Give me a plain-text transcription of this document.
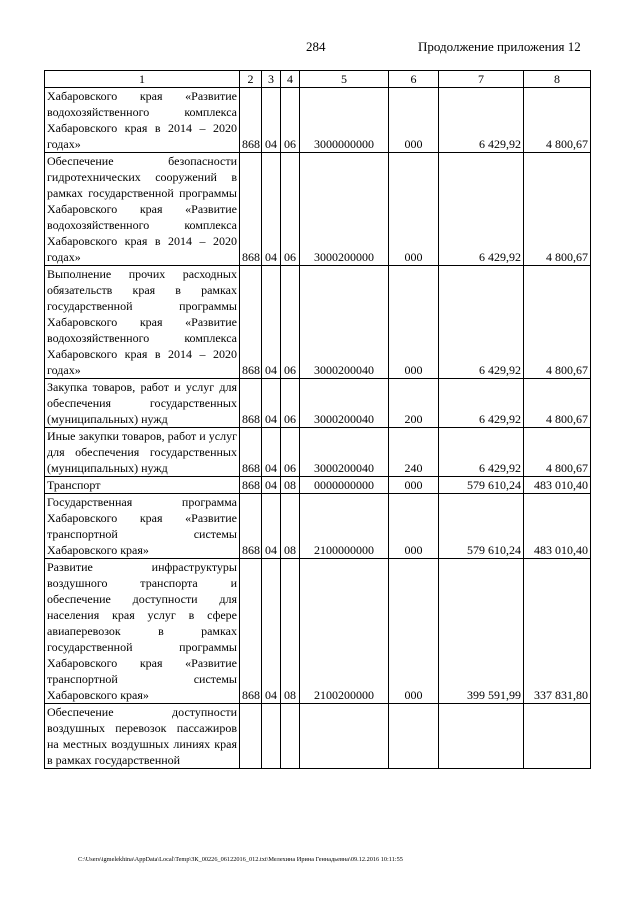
284	Продолжение приложения 12
1	2	3	4	5	6	7	8
Хабаровского края «Развитие водохозяйственного комплекса Хабаровского края в 2014 – 2020 годах»	868	04	06	3000000000	000	6 429,92	4 800,67
Обеспечение безопасности гидротехнических сооружений в рамках государственной программы Хабаровского края «Развитие водохозяйственного комплекса Хабаровского края в 2014 – 2020 годах»	868	04	06	3000200000	000	6 429,92	4 800,67
Выполнение прочих расходных обязательств края в рамках государственной программы Хабаровского края «Развитие водохозяйственного комплекса Хабаровского края в 2014 – 2020 годах»	868	04	06	3000200040	000	6 429,92	4 800,67
Закупка товаров, работ и услуг для обеспечения государственных (муниципальных) нужд	868	04	06	3000200040	200	6 429,92	4 800,67
Иные закупки товаров, работ и услуг для обеспечения государственных (муниципальных) нужд	868	04	06	3000200040	240	6 429,92	4 800,67
Транспорт	868	04	08	0000000000	000	579 610,24	483 010,40
Государственная программа Хабаровского края «Развитие транспортной системы Хабаровского края»	868	04	08	2100000000	000	579 610,24	483 010,40
Развитие инфраструктуры воздушного транспорта и обеспечение доступности для населения края услуг в сфере авиаперевозок в рамках государственной программы Хабаровского края «Развитие транспортной системы Хабаровского края»	868	04	08	2100200000	000	399 591,99	337 831,80
Обеспечение доступности воздушных перевозок пассажиров на местных воздушных линиях края в рамках государственной							
C:\Users\igmelekhina\AppData\Local\Temp\ЗК_00226_06122016_012.txt\Мелехина Ирина Геннадьевна\09.12.2016 10:11:55
